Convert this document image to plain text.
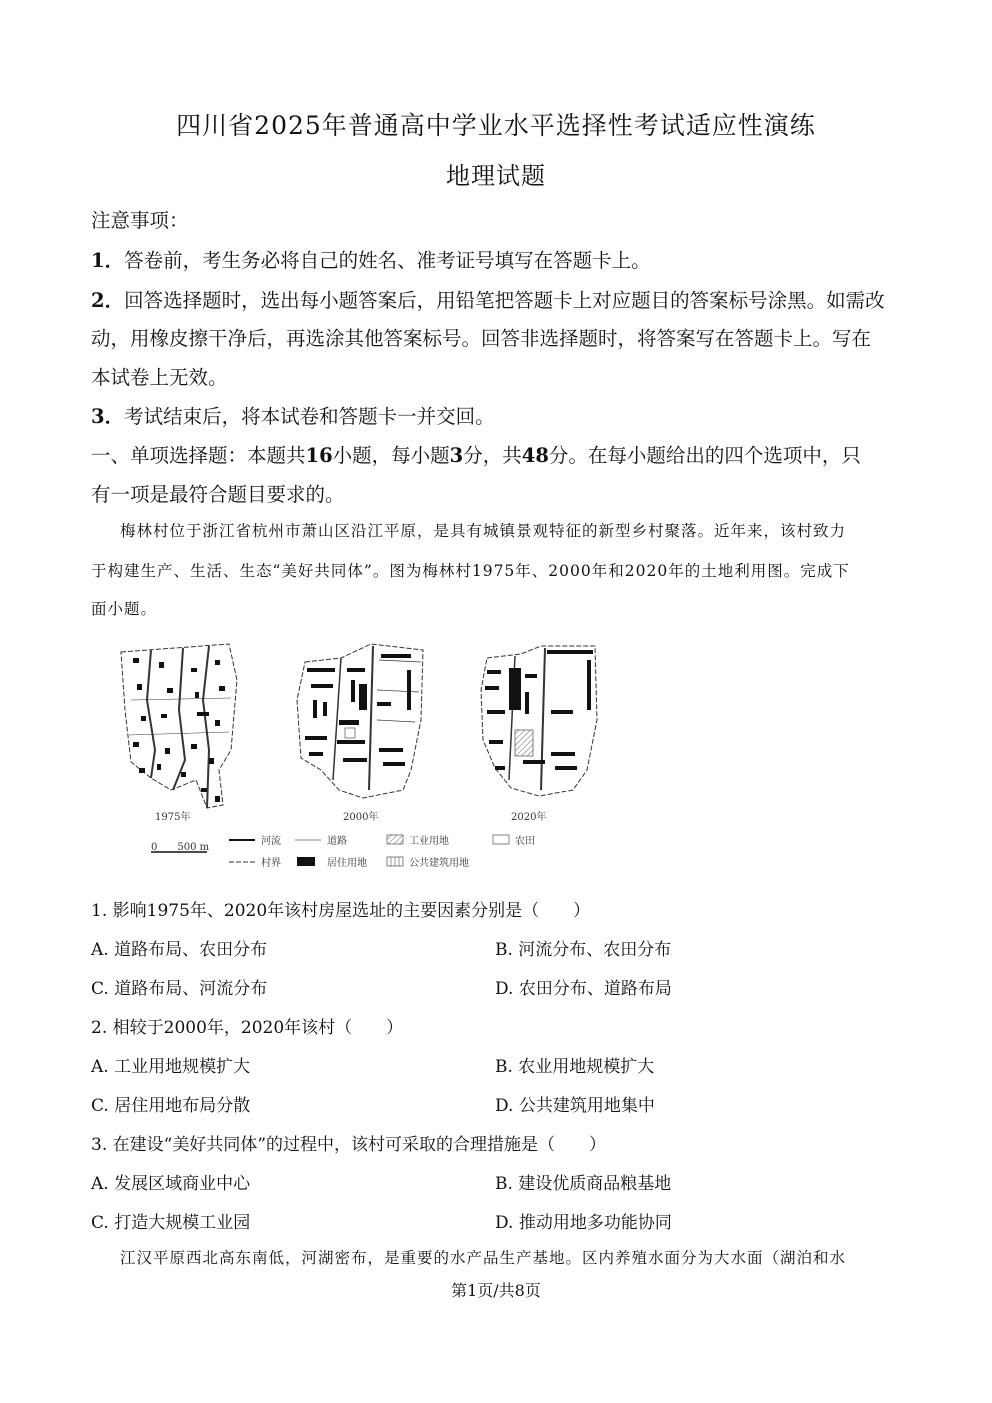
四川省2025年普通高中学业水平选择性考试适应性演练
地理试题
注意事项：
1．答卷前，考生务必将自己的姓名、准考证号填写在答题卡上。
2．回答选择题时，选出每小题答案后，用铅笔把答题卡上对应题目的答案标号涂黑。如需改
动，用橡皮擦干净后，再选涂其他答案标号。回答非选择题时，将答案写在答题卡上。写在
本试卷上无效。
3．考试结束后，将本试卷和答题卡一并交回。
一、单项选择题：本题共16小题，每小题3分，共48分。在每小题给出的四个选项中，只
有一项是最符合题目要求的。
梅林村位于浙江省杭州市萧山区沿江平原，是具有城镇景观特征的新型乡村聚落。近年来，该村致力
于构建生产、生活、生态“美好共同体”。图为梅林村1975年、2000年和2020年的土地利用图。完成下
面小题。
1975年	2000年	2020年
0　　500 m
河流	道路	工业用地	农田
村界	居住用地	公共建筑用地
1. 影响1975年、2020年该村房屋选址的主要因素分别是（　　）
A. 道路布局、农田分布	B. 河流分布、农田分布
C. 道路布局、河流分布	D. 农田分布、道路布局
2. 相较于2000年，2020年该村（　　）
A. 工业用地规模扩大	B. 农业用地规模扩大
C. 居住用地布局分散	D. 公共建筑用地集中
3. 在建设“美好共同体”的过程中，该村可采取的合理措施是（　　）
A. 发展区域商业中心	B. 建设优质商品粮基地
C. 打造大规模工业园	D. 推动用地多功能协同
江汉平原西北高东南低，河湖密布，是重要的水产品生产基地。区内养殖水面分为大水面（湖泊和水
第1页/共8页
